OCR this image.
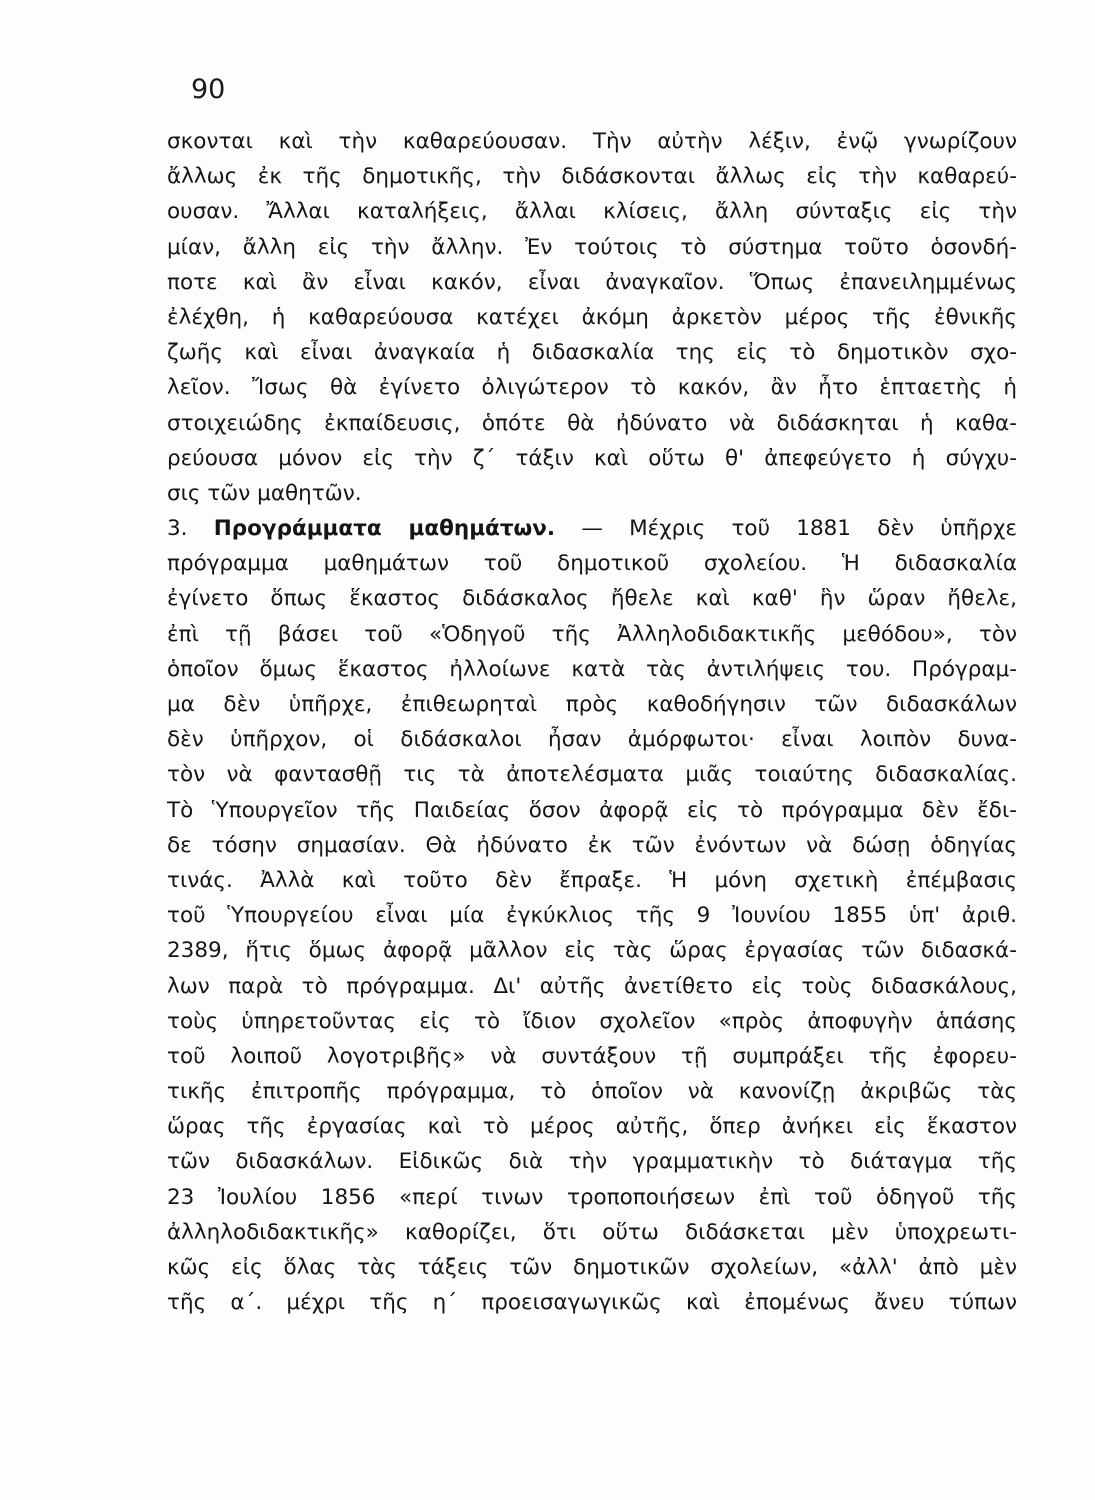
90
σκονται καὶ τὴν καθαρεύουσαν. Τὴν αὐτὴν λέξιν, ἐνῷ γνωρίζουν
ἄλλως ἐκ τῆς δημοτικῆς, τὴν διδάσκονται ἄλλως εἰς τὴν καθαρεύ-
ουσαν. Ἄλλαι καταλήξεις, ἄλλαι κλίσεις, ἄλλη σύνταξις εἰς τὴν
μίαν, ἄλλη εἰς τὴν ἄλλην. Ἐν τούτοις τὸ σύστημα τοῦτο ὁσονδή-
ποτε καὶ ἂν εἶναι κακόν, εἶναι ἀναγκαῖον. Ὅπως ἐπανειλημμένως
ἐλέχθη, ἡ καθαρεύουσα κατέχει ἀκόμη ἀρκετὸν μέρος τῆς ἐθνικῆς
ζωῆς καὶ εἶναι ἀναγκαία ἡ διδασκαλία της εἰς τὸ δημοτικὸν σχο-
λεῖον. Ἴσως θὰ ἐγίνετο ὀλιγώτερον τὸ κακόν, ἂν ἦτο ἑπταετὴς ἡ
στοιχειώδης ἐκπαίδευσις, ὁπότε θὰ ἠδύνατο νὰ διδάσκηται ἡ καθα-
ρεύουσα μόνον εἰς τὴν ζ΄ τάξιν καὶ οὕτω θ' ἀπεφεύγετο ἡ σύγχυ-
σις τῶν μαθητῶν.
3. Προγράμματα μαθημάτων. — Μέχρις τοῦ 1881 δὲν ὑπῆρχε
πρόγραμμα μαθημάτων τοῦ δημοτικοῦ σχολείου. Ἡ διδασκαλία
ἐγίνετο ὅπως ἕκαστος διδάσκαλος ἤθελε καὶ καθ' ἣν ὥραν ἤθελε,
ἐπὶ τῇ βάσει τοῦ «Ὁδηγοῦ τῆς Ἀλληλοδιδακτικῆς μεθόδου», τὸν
ὁποῖον ὅμως ἕκαστος ἠλλοίωνε κατὰ τὰς ἀντιλήψεις του. Πρόγραμ-
μα δὲν ὑπῆρχε, ἐπιθεωρηταὶ πρὸς καθοδήγησιν τῶν διδασκάλων
δὲν ὑπῆρχον, οἱ διδάσκαλοι ἦσαν ἀμόρφωτοι· εἶναι λοιπὸν δυνα-
τὸν νὰ φαντασθῇ τις τὰ ἀποτελέσματα μιᾶς τοιαύτης διδασκαλίας.
Τὸ Ὑπουργεῖον τῆς Παιδείας ὅσον ἀφορᾷ εἰς τὸ πρόγραμμα δὲν ἔδι-
δε τόσην σημασίαν. Θὰ ἠδύνατο ἐκ τῶν ἐνόντων νὰ δώσῃ ὁδηγίας
τινάς. Ἀλλὰ καὶ τοῦτο δὲν ἔπραξε. Ἡ μόνη σχετικὴ ἐπέμβασις
τοῦ Ὑπουργείου εἶναι μία ἐγκύκλιος τῆς 9 Ἰουνίου 1855 ὑπ' ἀριθ.
2389, ἥτις ὅμως ἀφορᾷ μᾶλλον εἰς τὰς ὥρας ἐργασίας τῶν διδασκά-
λων παρὰ τὸ πρόγραμμα. Δι' αὐτῆς ἀνετίθετο εἰς τοὺς διδασκάλους,
τοὺς ὑπηρετοῦντας εἰς τὸ ἴδιον σχολεῖον «πρὸς ἀποφυγὴν ἁπάσης
τοῦ λοιποῦ λογοτριβῆς» νὰ συντάξουν τῇ συμπράξει τῆς ἐφορευ-
τικῆς ἐπιτροπῆς πρόγραμμα, τὸ ὁποῖον νὰ κανονίζῃ ἀκριβῶς τὰς
ὥρας τῆς ἐργασίας καὶ τὸ μέρος αὐτῆς, ὅπερ ἀνήκει εἰς ἕκαστον
τῶν διδασκάλων. Εἰδικῶς διὰ τὴν γραμματικὴν τὸ διάταγμα τῆς
23 Ἰουλίου 1856 «περί τινων τροποποιήσεων ἐπὶ τοῦ ὁδηγοῦ τῆς
ἀλληλοδιδακτικῆς» καθορίζει, ὅτι οὕτω διδάσκεται μὲν ὑποχρεωτι-
κῶς εἰς ὅλας τὰς τάξεις τῶν δημοτικῶν σχολείων, «ἀλλ' ἀπὸ μὲν
τῆς α΄. μέχρι τῆς η΄ προεισαγωγικῶς καὶ ἐπομένως ἄνευ τύπων
